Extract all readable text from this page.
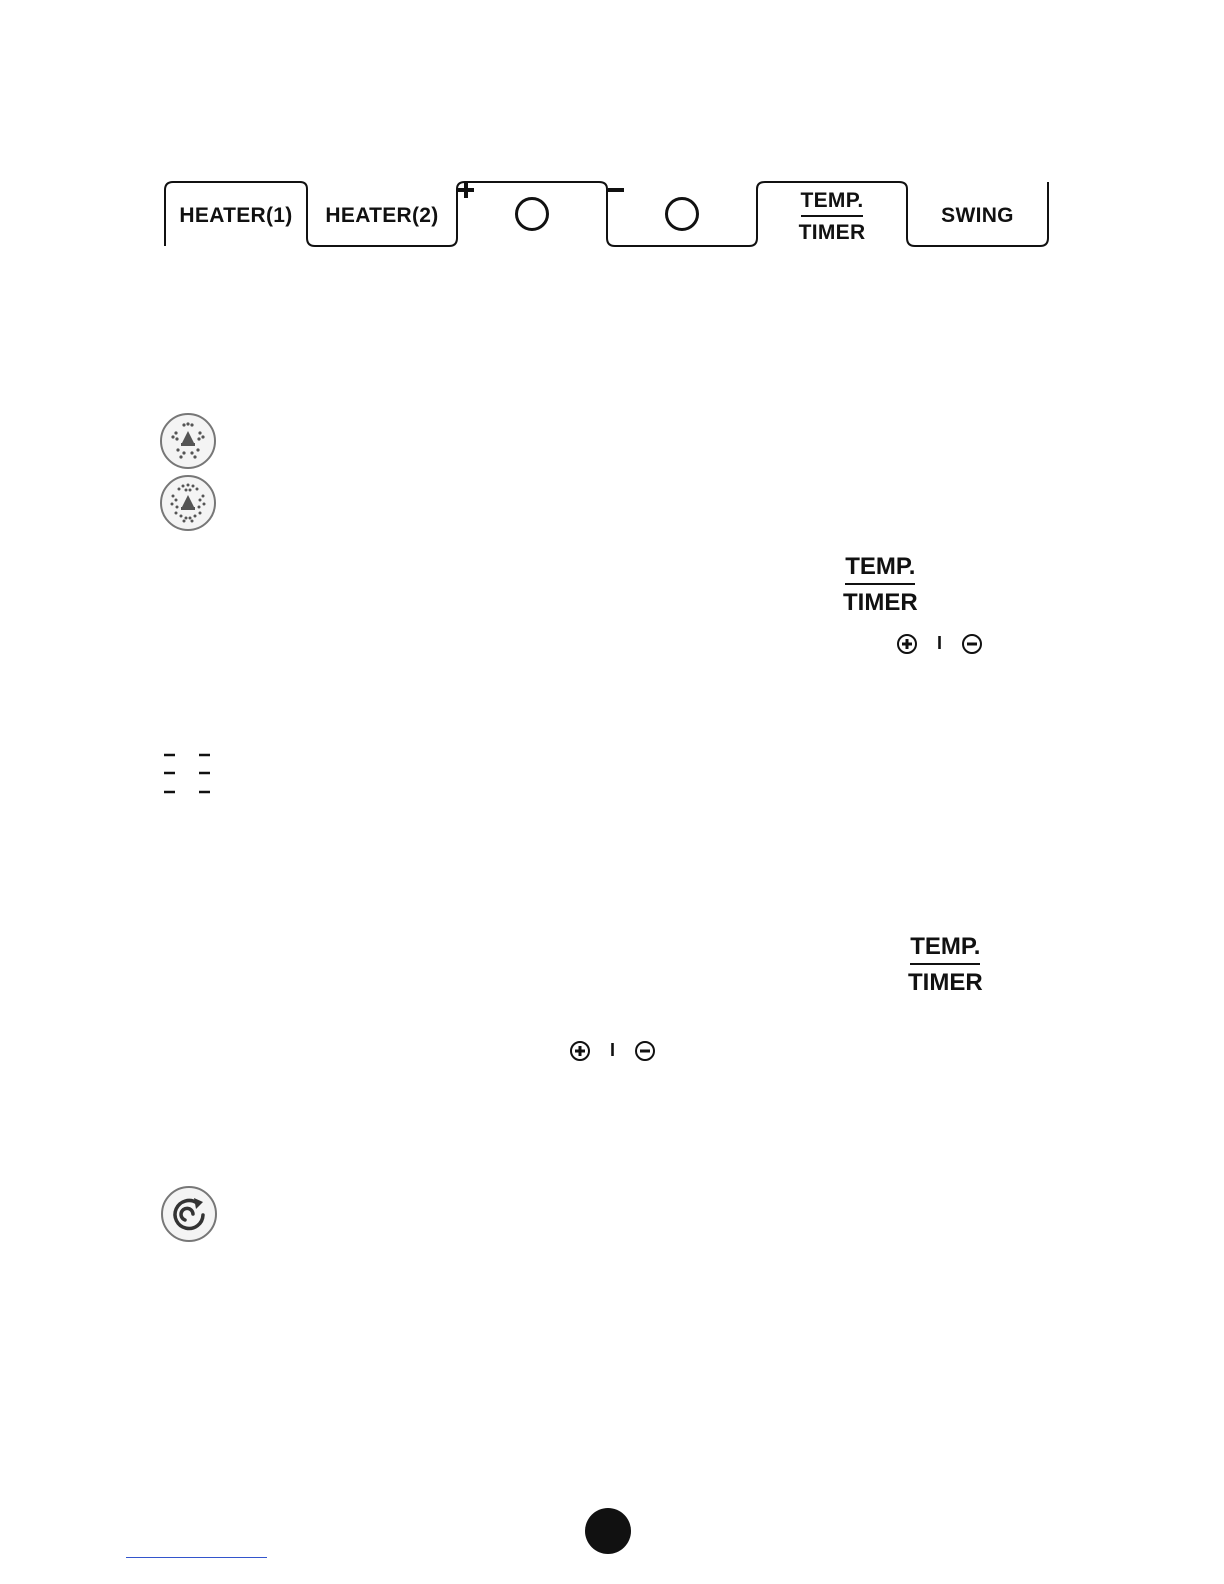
HEATER(1) HEATER(2)
TEMP.
TIMER
SWING
TEMP.
TIMER
I
TEMP.
TIMER
I
